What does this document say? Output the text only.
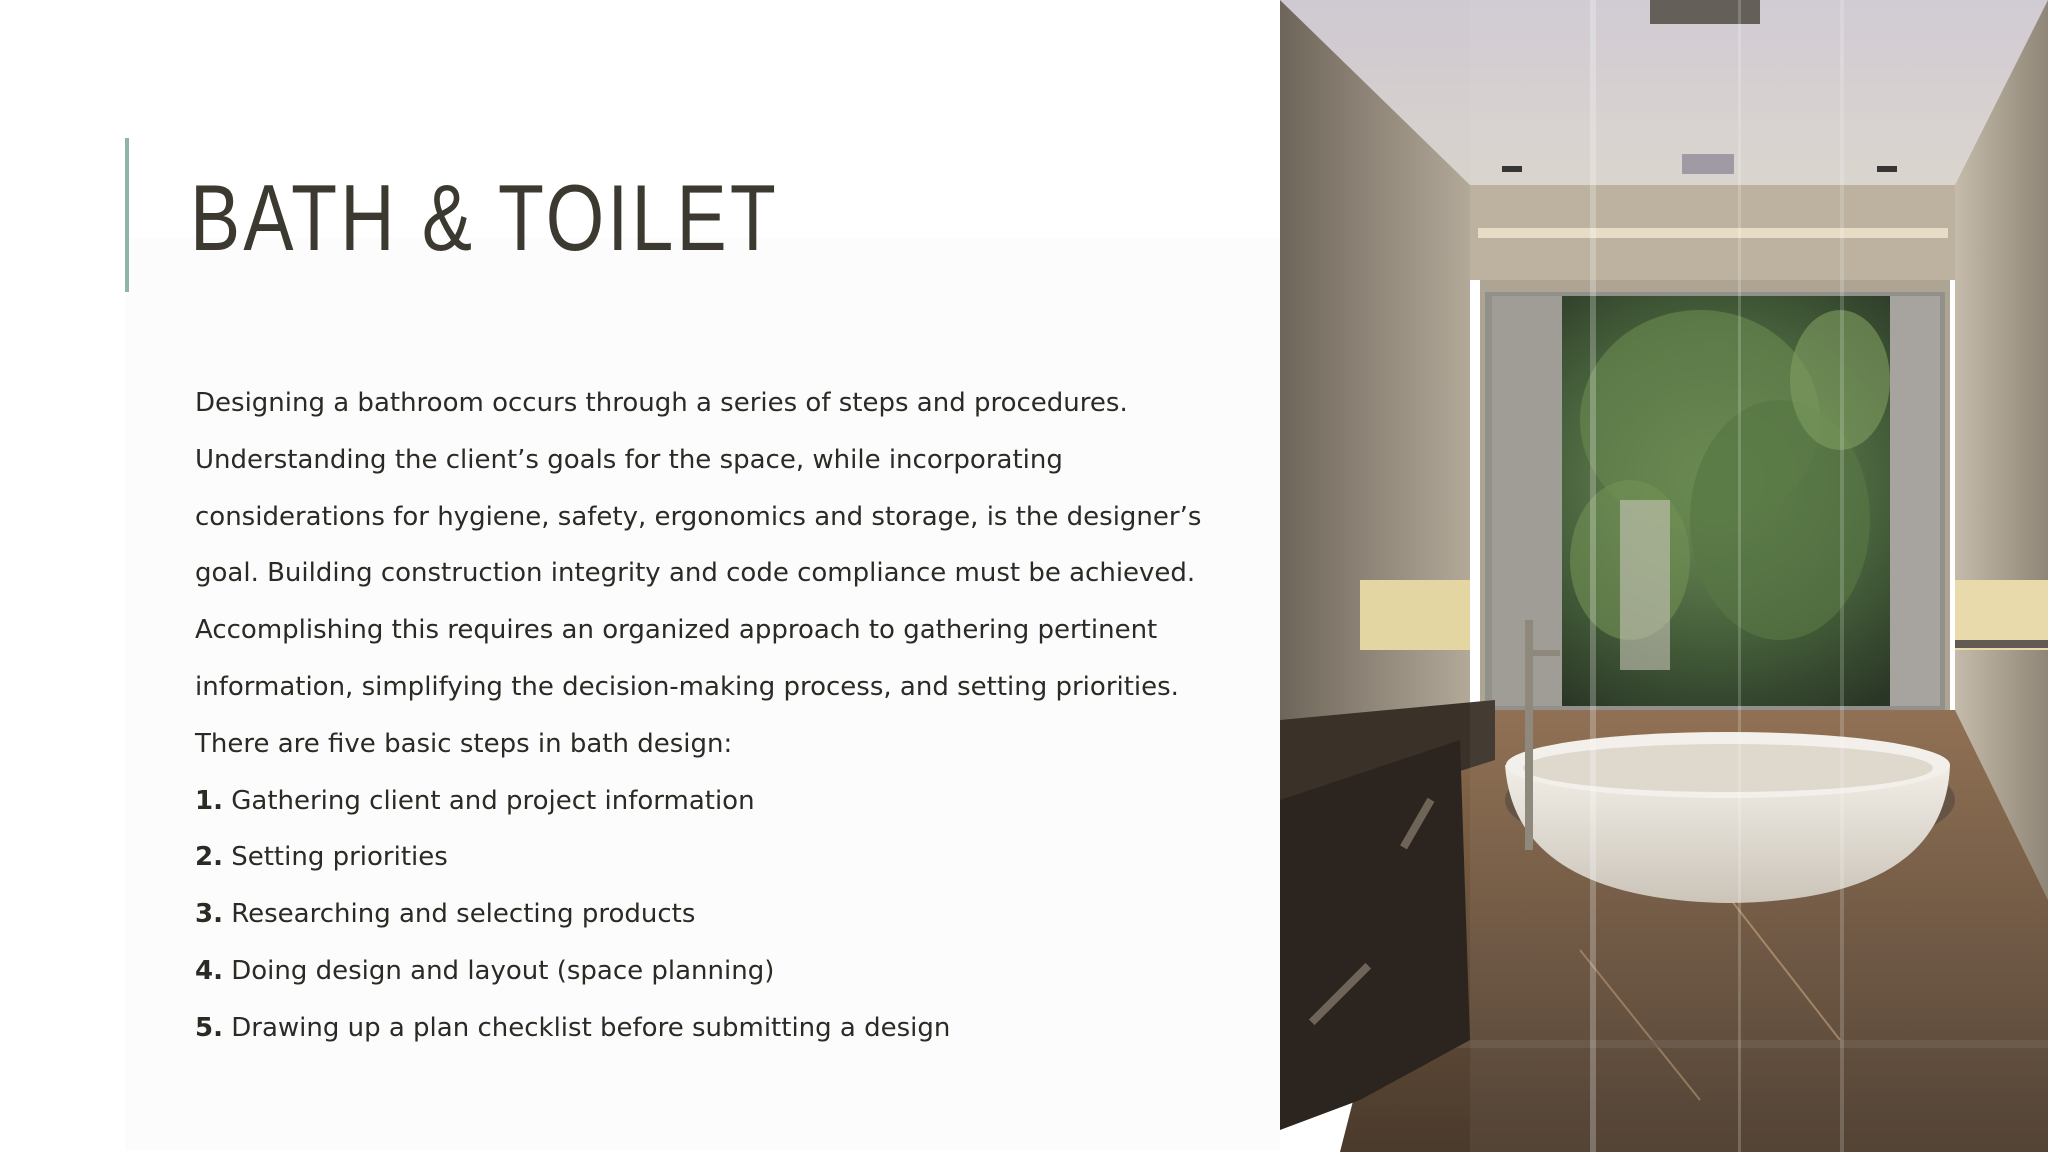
BATH & TOILET

Designing a bathroom occurs through a series of steps and procedures. Understanding the client’s goals for the space, while incorporating considerations for hygiene, safety, ergonomics and storage, is the designer’s goal. Building construction integrity and code compliance must be achieved. Accomplishing this requires an organized approach to gathering pertinent information, simplifying the decision-making process, and setting priorities.

There are five basic steps in bath design:

1. Gathering client and project information
2. Setting priorities
3. Researching and selecting products
4. Doing design and layout (space planning)
5. Drawing up a plan checklist before submitting a design
